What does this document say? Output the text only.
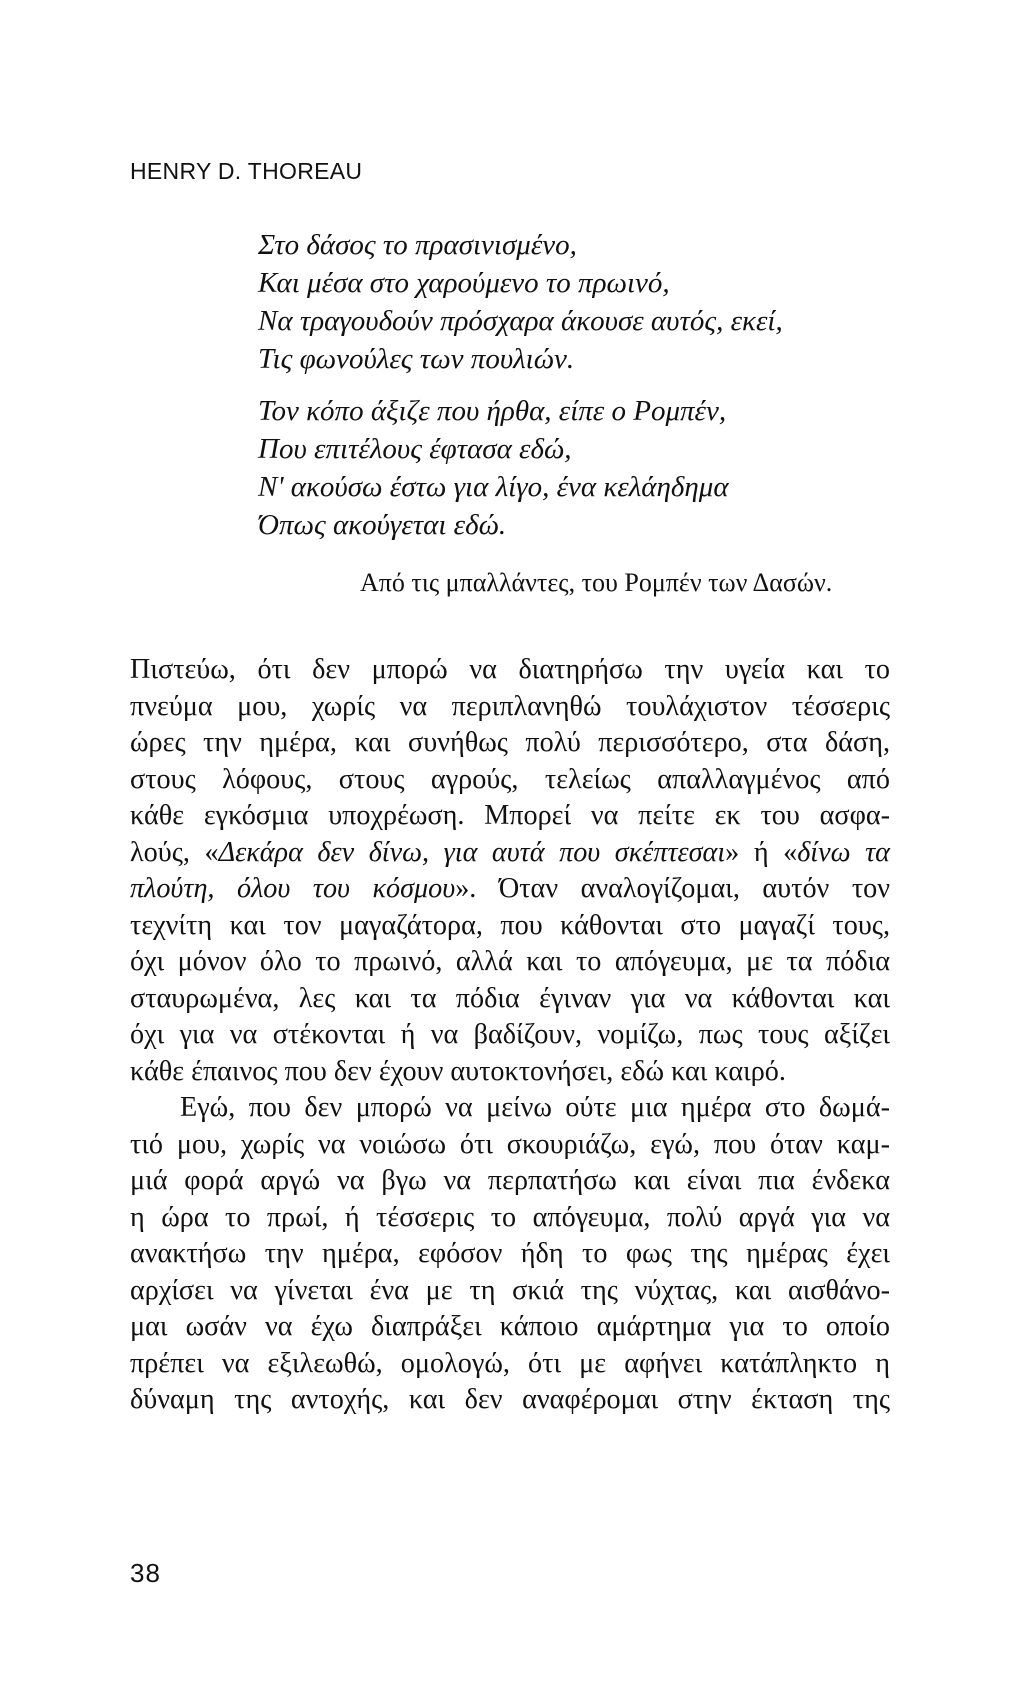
HENRY D. THOREAU

Στο δάσος το πρασινισμένο,
Και μέσα στο χαρούμενο το πρωινό,
Να τραγουδούν πρόσχαρα άκουσε αυτός, εκεί,
Τις φωνούλες των πουλιών.
Τον κόπο άξιζε που ήρθα, είπε ο Ρομπέν,
Που επιτέλους έφτασα εδώ,
Ν' ακούσω έστω για λίγο, ένα κελάηδημα
Όπως ακούγεται εδώ.

Από τις μπαλλάντες, του Ρομπέν των Δασών.

Πιστεύω, ότι δεν μπορώ να διατηρήσω την υγεία και το
πνεύμα μου, χωρίς να περιπλανηθώ τουλάχιστον τέσσερις
ώρες την ημέρα, και συνήθως πολύ περισσότερο, στα δάση,
στους λόφους, στους αγρούς, τελείως απαλλαγμένος από
κάθε εγκόσμια υποχρέωση. Μπορεί να πείτε εκ του ασφα-
λούς, «Δεκάρα δεν δίνω, για αυτά που σκέπτεσαι» ή «δίνω τα
πλούτη, όλου του κόσμου». Όταν αναλογίζομαι, αυτόν τον
τεχνίτη και τον μαγαζάτορα, που κάθονται στο μαγαζί τους,
όχι μόνον όλο το πρωινό, αλλά και το απόγευμα, με τα πόδια
σταυρωμένα, λες και τα πόδια έγιναν για να κάθονται και
όχι για να στέκονται ή να βαδίζουν, νομίζω, πως τους αξίζει
κάθε έπαινος που δεν έχουν αυτοκτονήσει, εδώ και καιρό.
Εγώ, που δεν μπορώ να μείνω ούτε μια ημέρα στο δωμά-
τιό μου, χωρίς να νοιώσω ότι σκουριάζω, εγώ, που όταν καμ-
μιά φορά αργώ να βγω να περπατήσω και είναι πια ένδεκα
η ώρα το πρωί, ή τέσσερις το απόγευμα, πολύ αργά για να
ανακτήσω την ημέρα, εφόσον ήδη το φως της ημέρας έχει
αρχίσει να γίνεται ένα με τη σκιά της νύχτας, και αισθάνο-
μαι ωσάν να έχω διαπράξει κάποιο αμάρτημα για το οποίο
πρέπει να εξιλεωθώ, ομολογώ, ότι με αφήνει κατάπληκτο η
δύναμη της αντοχής, και δεν αναφέρομαι στην έκταση της

38
